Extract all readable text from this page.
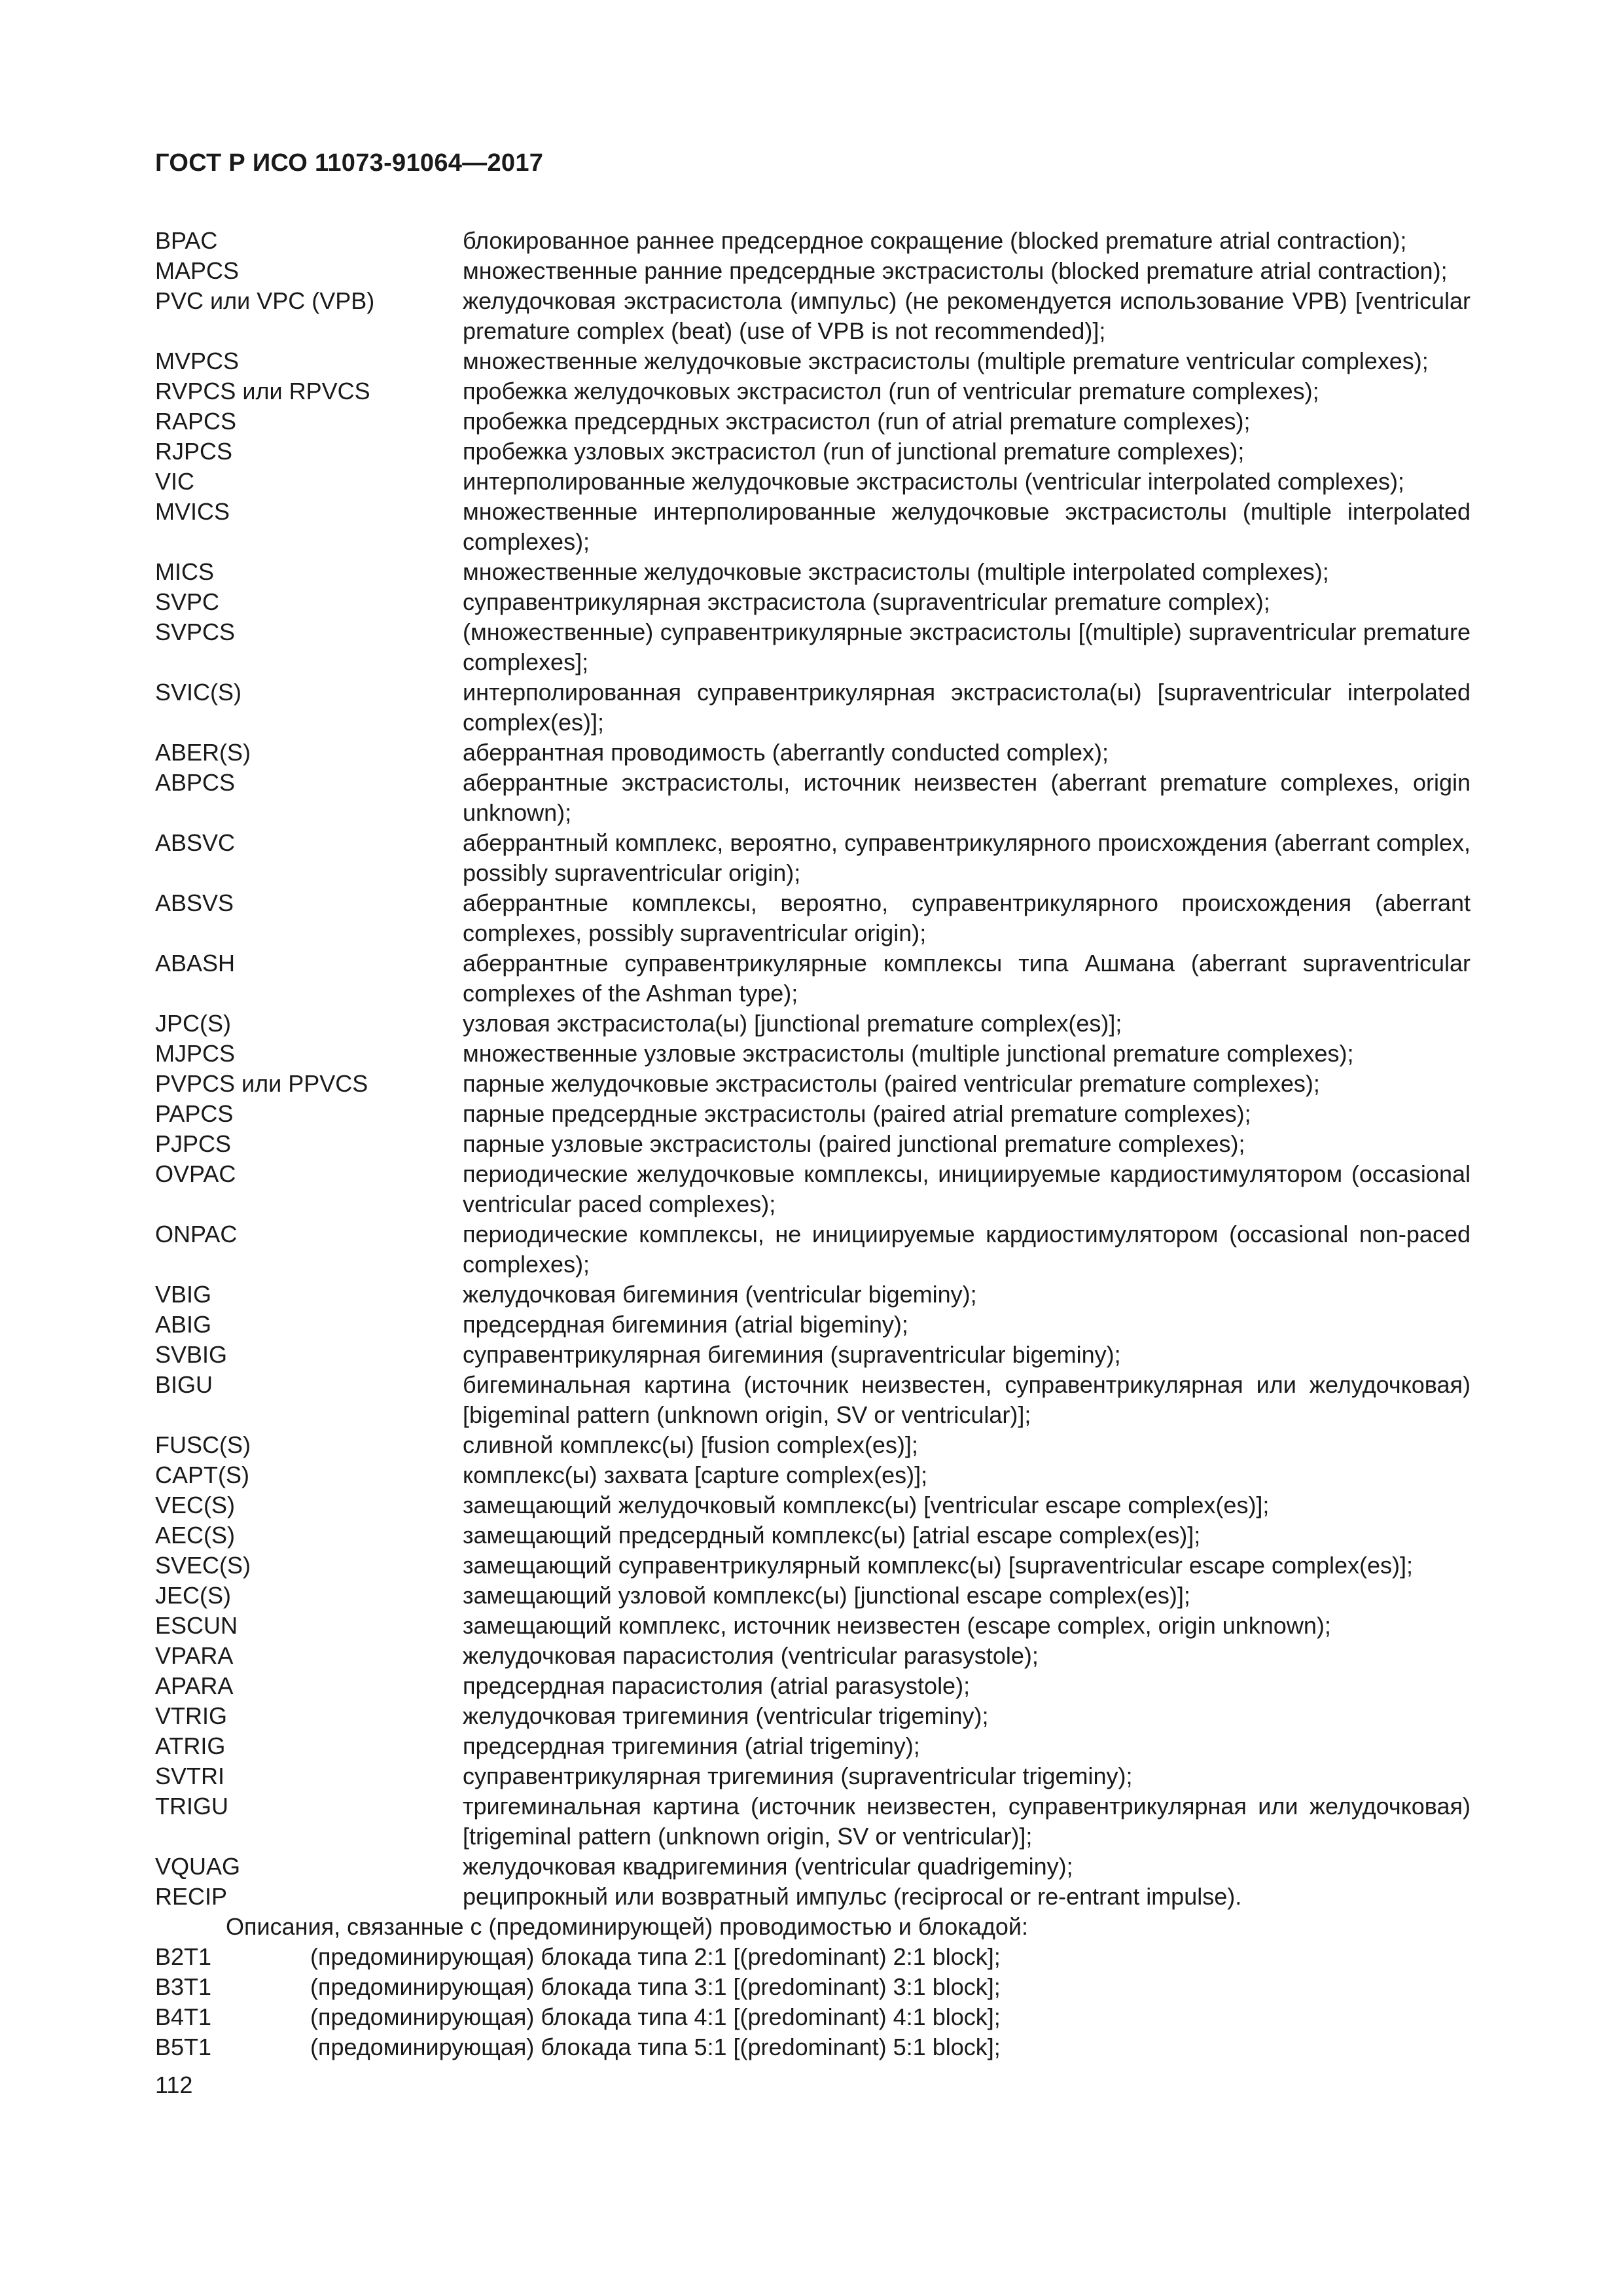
ГОСТ Р ИСО 11073-91064—2017
BPAC	блокированное раннее предсердное сокращение (blocked premature atrial contraction);
MAPCS	множественные ранние предсердные экстрасистолы (blocked premature atrial contraction);
PVC или VPC (VPB)	желудочковая экстрасистола (импульс) (не рекомендуется использование VPB) [ventricular premature complex (beat) (use of VPB is not recommended)];
MVPCS	множественные желудочковые экстрасистолы (multiple premature ventricular complexes);
RVPCS или RPVCS	пробежка желудочковых экстрасистол (run of ventricular premature complexes);
RAPCS	пробежка предсердных экстрасистол (run of atrial premature complexes);
RJPCS	пробежка узловых экстрасистол (run of junctional premature complexes);
VIC	интерполированные желудочковые экстрасистолы (ventricular interpolated complexes);
MVICS	множественные интерполированные желудочковые экстрасистолы (multiple interpolated complexes);
MICS	множественные желудочковые экстрасистолы (multiple interpolated complexes);
SVPC	суправентрикулярная экстрасистола (supraventricular premature complex);
SVPCS	(множественные) суправентрикулярные экстрасистолы [(multiple) supraventricular premature complexes];
SVIC(S)	интерполированная суправентрикулярная экстрасистола(ы) [supraventricular interpolated complex(es)];
ABER(S)	аберрантная проводимость (aberrantly conducted complex);
ABPCS	аберрантные экстрасистолы, источник неизвестен (aberrant premature complexes, origin unknown);
ABSVC	аберрантный комплекс, вероятно, суправентрикулярного происхождения (aberrant complex, possibly supraventricular origin);
ABSVS	аберрантные комплексы, вероятно, суправентрикулярного происхождения (aberrant complexes, possibly supraventricular origin);
ABASH	аберрантные суправентрикулярные комплексы типа Ашмана (aberrant supraventricular complexes of the Ashman type);
JPC(S)	узловая экстрасистола(ы) [junctional premature complex(es)];
MJPCS	множественные узловые экстрасистолы (multiple junctional premature complexes);
PVPCS или PPVCS	парные желудочковые экстрасистолы (paired ventricular premature complexes);
PAPCS	парные предсердные экстрасистолы (paired atrial premature complexes);
PJPCS	парные узловые экстрасистолы (paired junctional premature complexes);
OVPAC	периодические желудочковые комплексы, инициируемые кардиостимулятором (occasional ventricular paced complexes);
ONPAC	периодические комплексы, не инициируемые кардиостимулятором (occasional non-paced complexes);
VBIG	желудочковая бигеминия (ventricular bigeminy);
ABIG	предсердная бигеминия (atrial bigeminy);
SVBIG	суправентрикулярная бигеминия (supraventricular bigeminy);
BIGU	бигеминальная картина (источник неизвестен, суправентрикулярная или желудочковая) [bigeminal pattern (unknown origin, SV or ventricular)];
FUSC(S)	сливной комплекс(ы) [fusion complex(es)];
CAPT(S)	комплекс(ы) захвата [capture complex(es)];
VEC(S)	замещающий желудочковый комплекс(ы) [ventricular escape complex(es)];
AEC(S)	замещающий предсердный комплекс(ы) [atrial escape complex(es)];
SVEC(S)	замещающий суправентрикулярный комплекс(ы) [supraventricular escape complex(es)];
JEC(S)	замещающий узловой комплекс(ы) [junctional escape complex(es)];
ESCUN	замещающий комплекс, источник неизвестен (escape complex, origin unknown);
VPARA	желудочковая парасистолия (ventricular parasystole);
APARA	предсердная парасистолия (atrial parasystole);
VTRIG	желудочковая тригеминия (ventricular trigeminy);
ATRIG	предсердная тригеминия (atrial trigeminy);
SVTRI	суправентрикулярная тригеминия (supraventricular trigeminy);
TRIGU	тригеминальная картина (источник неизвестен, суправентрикулярная или желудочковая) [trigeminal pattern (unknown origin, SV or ventricular)];
VQUAG	желудочковая квадригеминия (ventricular quadrigeminy);
RECIP	реципрокный или возвратный импульс (reciprocal or re-entrant impulse).
Описания, связанные с (предоминирующей) проводимостью и блокадой:
B2T1	(предоминирующая) блокада типа 2:1 [(predominant) 2:1 block];
B3T1	(предоминирующая) блокада типа 3:1 [(predominant) 3:1 block];
B4T1	(предоминирующая) блокада типа 4:1 [(predominant) 4:1 block];
B5T1	(предоминирующая) блокада типа 5:1 [(predominant) 5:1 block];
112
